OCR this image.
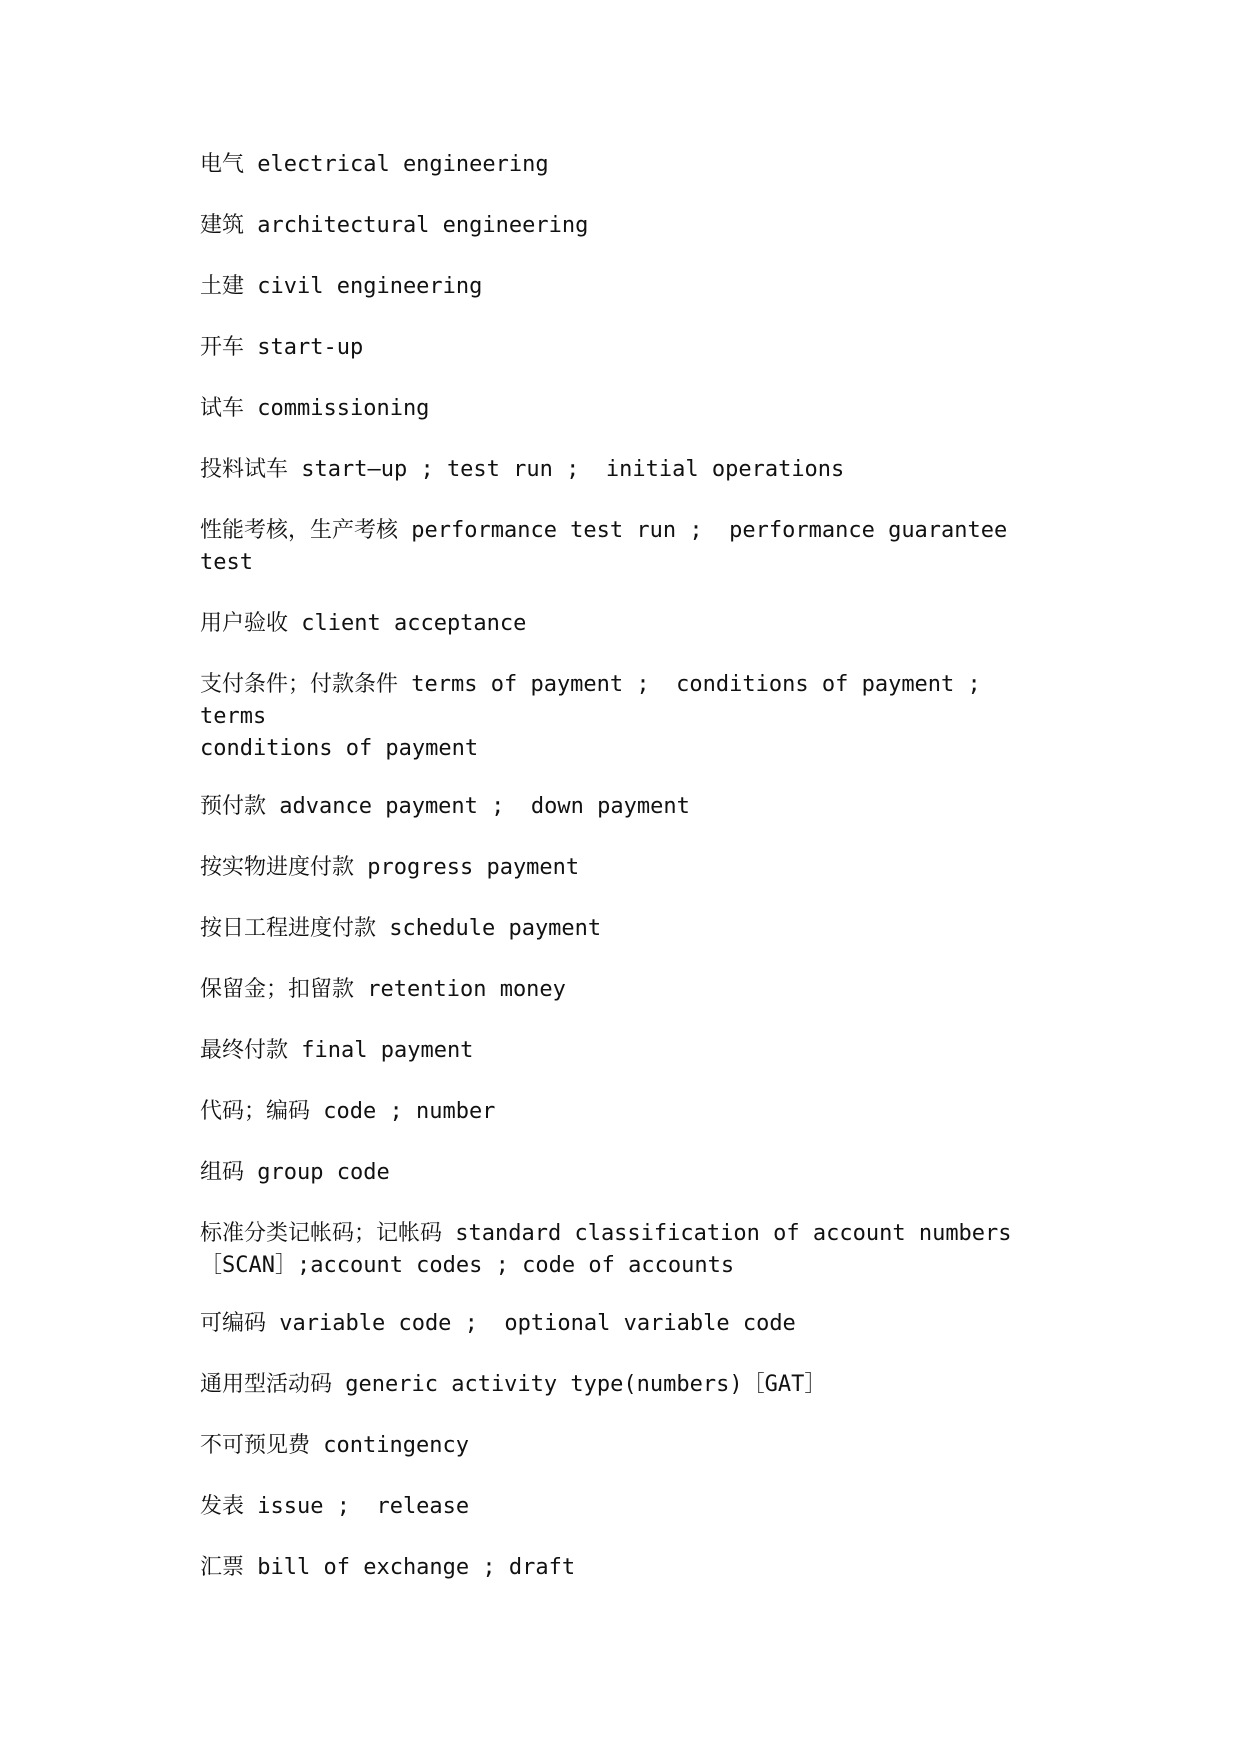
电气 electrical engineering

建筑 architectural engineering

土建 civil engineering

开车 start-up

试车 commissioning

投料试车 start—up ; test run ;  initial operations

性能考核，生产考核 performance test run ;  performance guarantee test

用户验收 client acceptance

支付条件；付款条件 terms of payment ;  conditions of payment ; terms
conditions of payment

预付款 advance payment ;  down payment

按实物进度付款 progress payment

按日工程进度付款 schedule payment

保留金；扣留款 retention money

最终付款 final payment

代码；编码 code ; number

组码 group code

标准分类记帐码；记帐码 standard classification of account numbers
［SCAN］;account codes ; code of accounts

可编码 variable code ;  optional variable code

通用型活动码 generic activity type(numbers)［GAT］

不可预见费 contingency

发表 issue ;  release

汇票 bill of exchange ; draft
